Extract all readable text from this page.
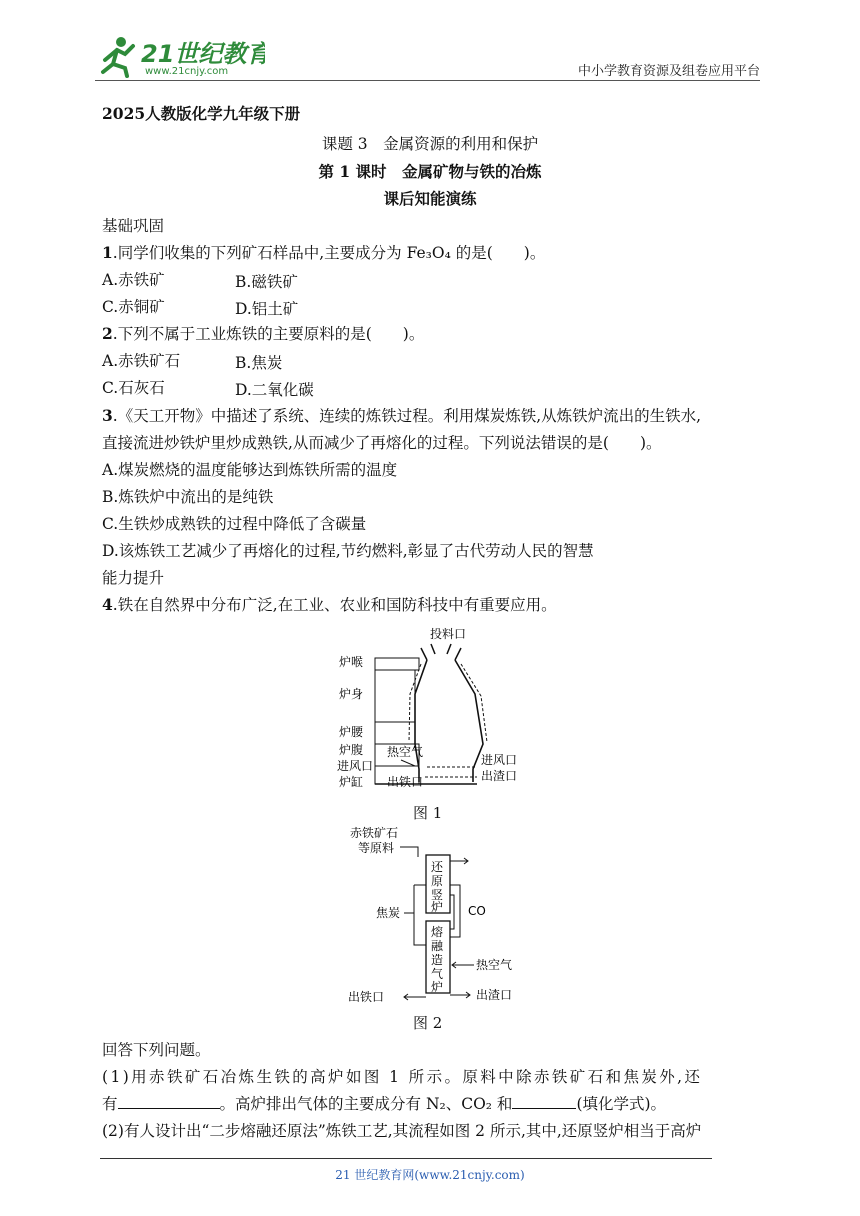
21世纪教育
www.21cnjy.com	中小学教育资源及组卷应用平台
2025人教版化学九年级下册
课题 3　金属资源的利用和保护
第 1 课时　金属矿物与铁的冶炼
课后知能演练
基础巩固
1.同学们收集的下列矿石样品中,主要成分为 Fe₃O₄ 的是(　　)。
A.赤铁矿	B.磁铁矿
C.赤铜矿	D.铝土矿
2.下列不属于工业炼铁的主要原料的是(　　)。
A.赤铁矿石	B.焦炭
C.石灰石	D.二氧化碳
3.《天工开物》中描述了系统、连续的炼铁过程。利用煤炭炼铁,从炼铁炉流出的生铁水,
直接流进炒铁炉里炒成熟铁,从而减少了再熔化的过程。下列说法错误的是(　　)。
A.煤炭燃烧的温度能够达到炼铁所需的温度
B.炼铁炉中流出的是纯铁
C.生铁炒成熟铁的过程中降低了含碳量
D.该炼铁工艺减少了再熔化的过程,节约燃料,彰显了古代劳动人民的智慧
能力提升
4.铁在自然界中分布广泛,在工业、农业和国防科技中有重要应用。
投料口
炉喉
炉身
炉腰
炉腹
进风口
炉缸
热空气
出铁口
进风口
出渣口
图 1
赤铁矿石
等原料
还
原
竖
炉
熔
融
造
气
炉
CO
焦炭
热空气
出铁口	出渣口
图 2
回答下列问题。
(1)用赤铁矿石冶炼生铁的高炉如图 1 所示。原料中除赤铁矿石和焦炭外,还
有	。高炉排出气体的主要成分有 N₂、CO₂ 和	(填化学式)。
(2)有人设计出“二步熔融还原法”炼铁工艺,其流程如图 2 所示,其中,还原竖炉相当于高炉
21 世纪教育网(www.21cnjy.com)
